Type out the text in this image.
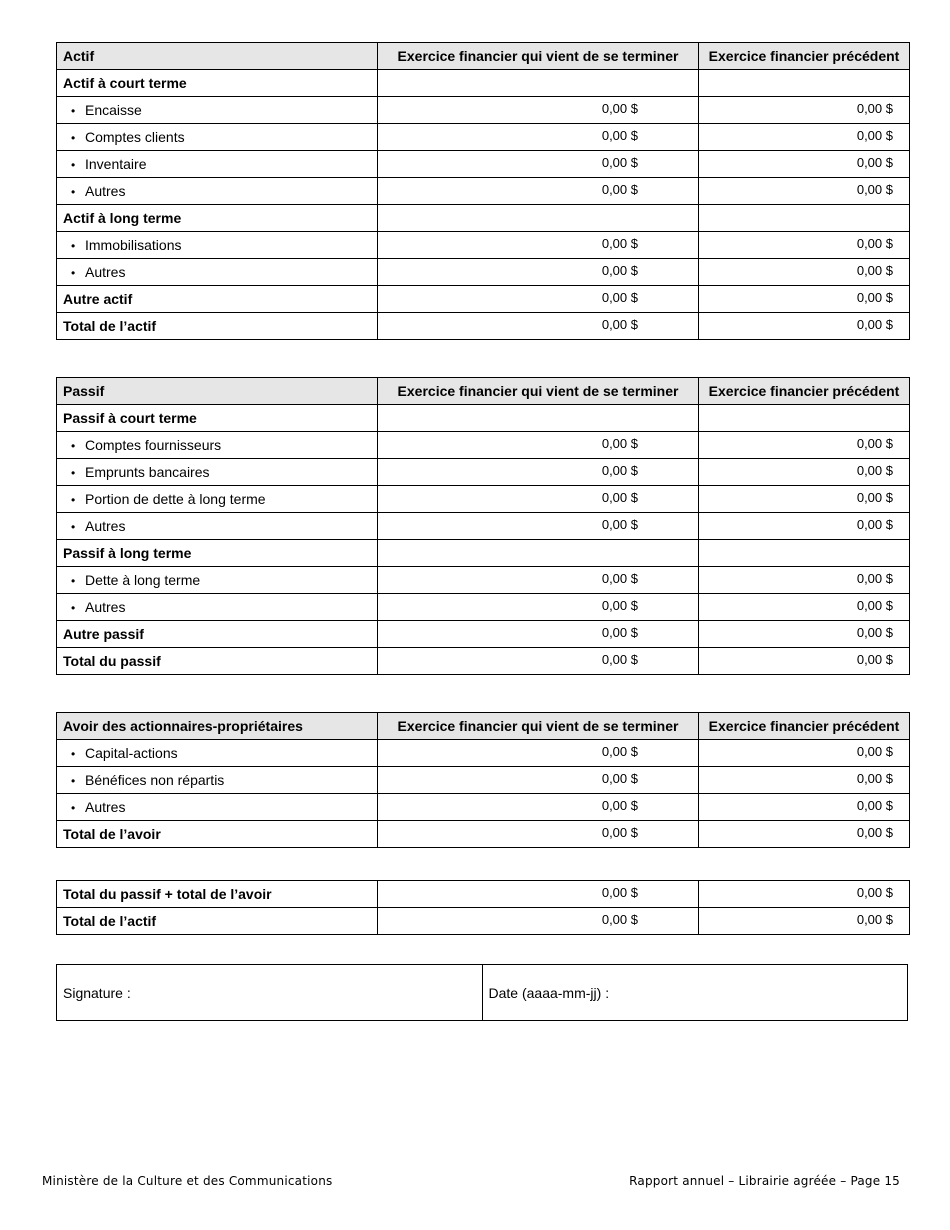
Actif	Exercice financier qui vient de se terminer	Exercice financier précédent
Actif à court terme		
• Encaisse	0,00 $	0,00 $
• Comptes clients	0,00 $	0,00 $
• Inventaire	0,00 $	0,00 $
• Autres	0,00 $	0,00 $
Actif à long terme		
• Immobilisations	0,00 $	0,00 $
• Autres	0,00 $	0,00 $
Autre actif	0,00 $	0,00 $
Total de l’actif	0,00 $	0,00 $
Passif	Exercice financier qui vient de se terminer	Exercice financier précédent
Passif à court terme		
• Comptes fournisseurs	0,00 $	0,00 $
• Emprunts bancaires	0,00 $	0,00 $
• Portion de dette à long terme	0,00 $	0,00 $
• Autres	0,00 $	0,00 $
Passif à long terme		
• Dette à long terme	0,00 $	0,00 $
• Autres	0,00 $	0,00 $
Autre passif	0,00 $	0,00 $
Total du passif	0,00 $	0,00 $
Avoir des actionnaires-propriétaires	Exercice financier qui vient de se terminer	Exercice financier précédent
• Capital-actions	0,00 $	0,00 $
• Bénéfices non répartis	0,00 $	0,00 $
• Autres	0,00 $	0,00 $
Total de l’avoir	0,00 $	0,00 $
Total du passif + total de l’avoir	0,00 $	0,00 $
Total de l’actif	0,00 $	0,00 $
Signature :	Date (aaaa-mm-jj) :
Ministère de la Culture et des Communications	Rapport annuel – Librairie agréée – Page 15
